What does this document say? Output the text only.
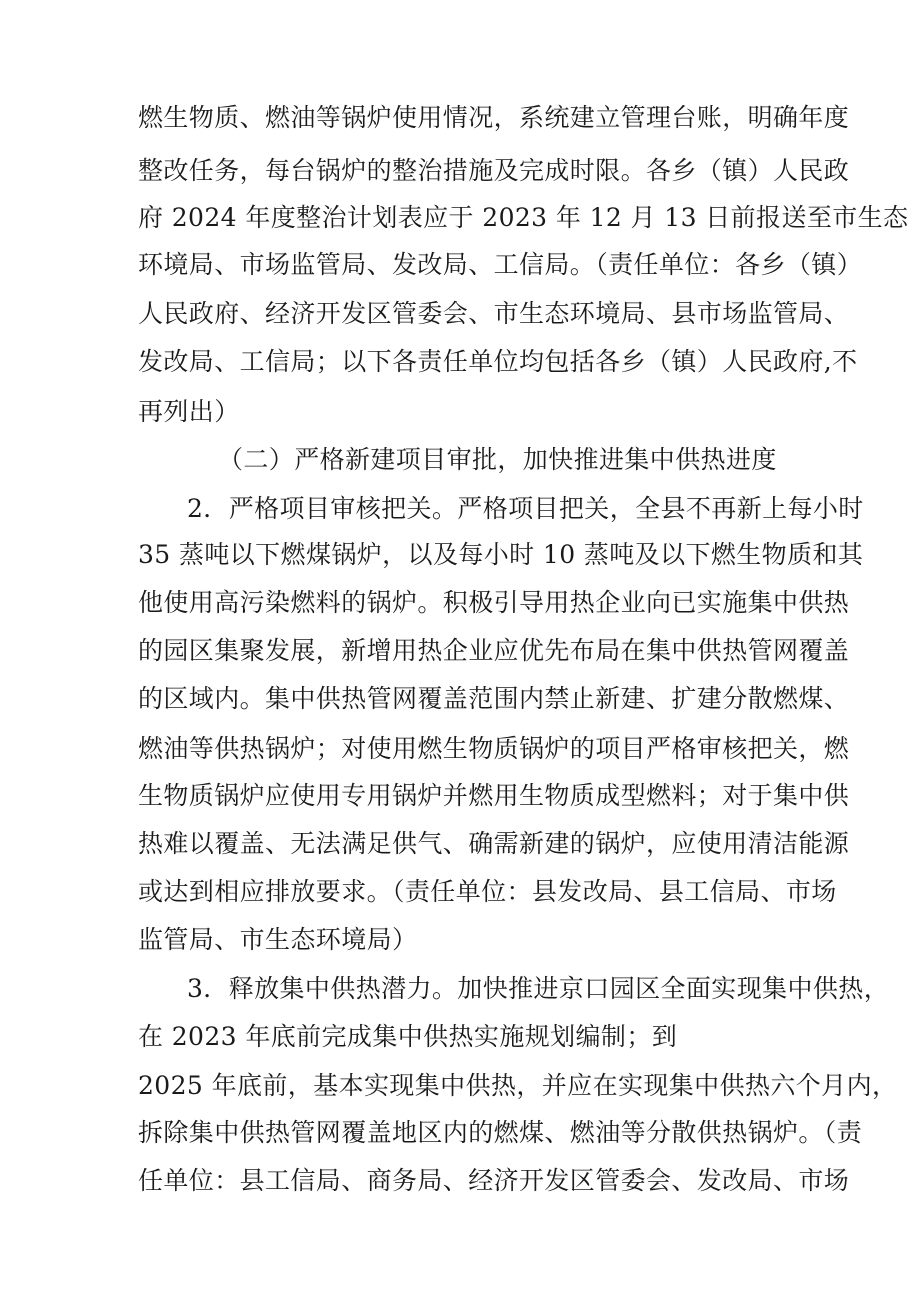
燃生物质、燃油等锅炉使用情况，系统建立管理台账，明确年度
整改任务，每台锅炉的整治措施及完成时限。各乡（镇）人民政
府 2024 年度整治计划表应于 2023 年 12 月 13 日前报送至市生态
环境局、市场监管局、发改局、工信局。（责任单位：各乡（镇）
人民政府、经济开发区管委会、市生态环境局、县市场监管局、
发改局、工信局；以下各责任单位均包括各乡（镇）人民政府,不
再列出）
（二）严格新建项目审批，加快推进集中供热进度
2．严格项目审核把关。严格项目把关，全县不再新上每小时
35 蒸吨以下燃煤锅炉，以及每小时 10 蒸吨及以下燃生物质和其
他使用高污染燃料的锅炉。积极引导用热企业向已实施集中供热
的园区集聚发展，新增用热企业应优先布局在集中供热管网覆盖
的区域内。集中供热管网覆盖范围内禁止新建、扩建分散燃煤、
燃油等供热锅炉；对使用燃生物质锅炉的项目严格审核把关，燃
生物质锅炉应使用专用锅炉并燃用生物质成型燃料；对于集中供
热难以覆盖、无法满足供气、确需新建的锅炉，应使用清洁能源
或达到相应排放要求。（责任单位：县发改局、县工信局、市场
监管局、市生态环境局）
3．释放集中供热潜力。加快推进京口园区全面实现集中供热，
在 2023 年底前完成集中供热实施规划编制；到
2025 年底前，基本实现集中供热，并应在实现集中供热六个月内，
拆除集中供热管网覆盖地区内的燃煤、燃油等分散供热锅炉。（责
任单位：县工信局、商务局、经济开发区管委会、发改局、市场
